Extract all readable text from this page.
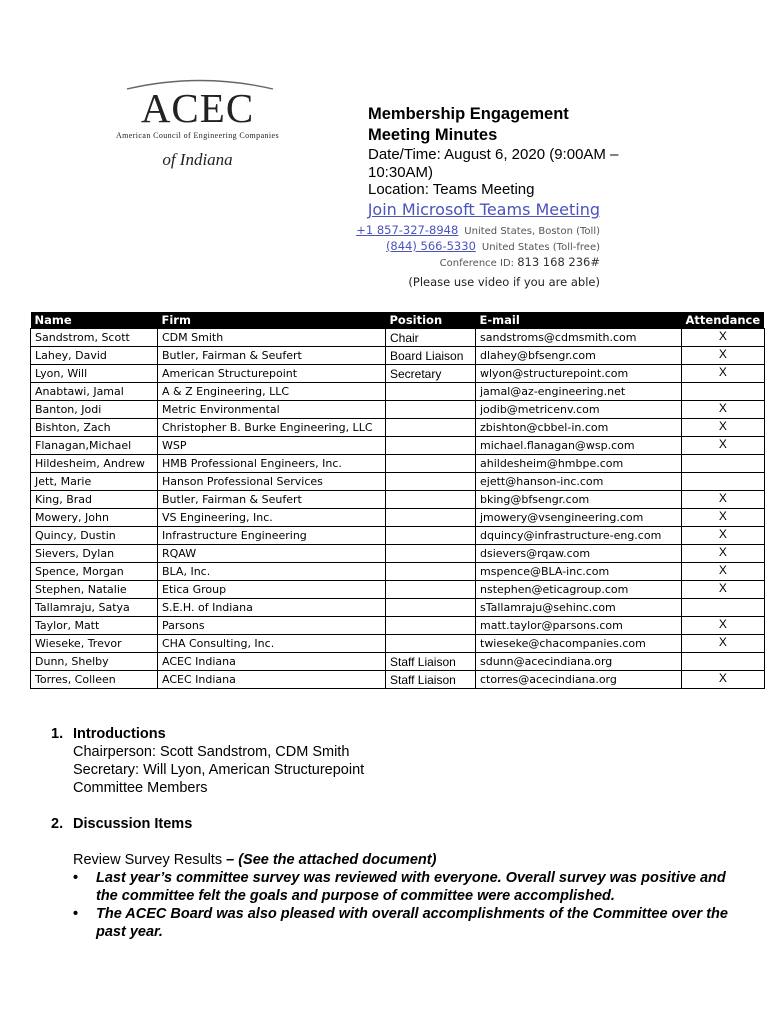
ACEC
American Council of Engineering Companies
of Indiana
Membership Engagement
Meeting Minutes
Date/Time: August 6, 2020 (9:00AM – 10:30AM)
Location: Teams Meeting
Join Microsoft Teams Meeting
+1 857-327-8948 United States, Boston (Toll)
(844) 566-5330 United States (Toll-free)
Conference ID: 813 168 236#
(Please use video if you are able)
Name	Firm	Position	E-mail	Attendance
Sandstrom, Scott	CDM Smith	Chair	sandstroms@cdmsmith.com	X
Lahey, David	Butler, Fairman & Seufert	Board Liaison	dlahey@bfsengr.com	X
Lyon, Will	American Structurepoint	Secretary	wlyon@structurepoint.com	X
Anabtawi, Jamal	A & Z Engineering, LLC		jamal@az-engineering.net	
Banton, Jodi	Metric Environmental		jodib@metricenv.com	X
Bishton, Zach	Christopher B. Burke Engineering, LLC		zbishton@cbbel-in.com	X
Flanagan,Michael	WSP		michael.flanagan@wsp.com	X
Hildesheim, Andrew	HMB Professional Engineers, Inc.		ahildesheim@hmbpe.com	
Jett, Marie	Hanson Professional Services		ejett@hanson-inc.com	
King, Brad	Butler, Fairman & Seufert		bking@bfsengr.com	X
Mowery, John	VS Engineering, Inc.		jmowery@vsengineering.com	X
Quincy, Dustin	Infrastructure Engineering		dquincy@infrastructure-eng.com	X
Sievers, Dylan	RQAW		dsievers@rqaw.com	X
Spence, Morgan	BLA, Inc.		mspence@BLA-inc.com	X
Stephen, Natalie	Etica Group		nstephen@eticagroup.com	X
Tallamraju, Satya	S.E.H. of Indiana		sTallamraju@sehinc.com	
Taylor, Matt	Parsons		matt.taylor@parsons.com	X
Wieseke, Trevor	CHA Consulting, Inc.		twieseke@chacompanies.com	X
Dunn, Shelby	ACEC Indiana	Staff Liaison	sdunn@acecindiana.org	
Torres, Colleen	ACEC Indiana	Staff Liaison	ctorres@acecindiana.org	X
1. Introductions
Chairperson: Scott Sandstrom, CDM Smith
Secretary: Will Lyon, American Structurepoint
Committee Members
2. Discussion Items
Review Survey Results – (See the attached document)
• Last year’s committee survey was reviewed with everyone. Overall survey was positive and the committee felt the goals and purpose of committee were accomplished.
• The ACEC Board was also pleased with overall accomplishments of the Committee over the past year.
